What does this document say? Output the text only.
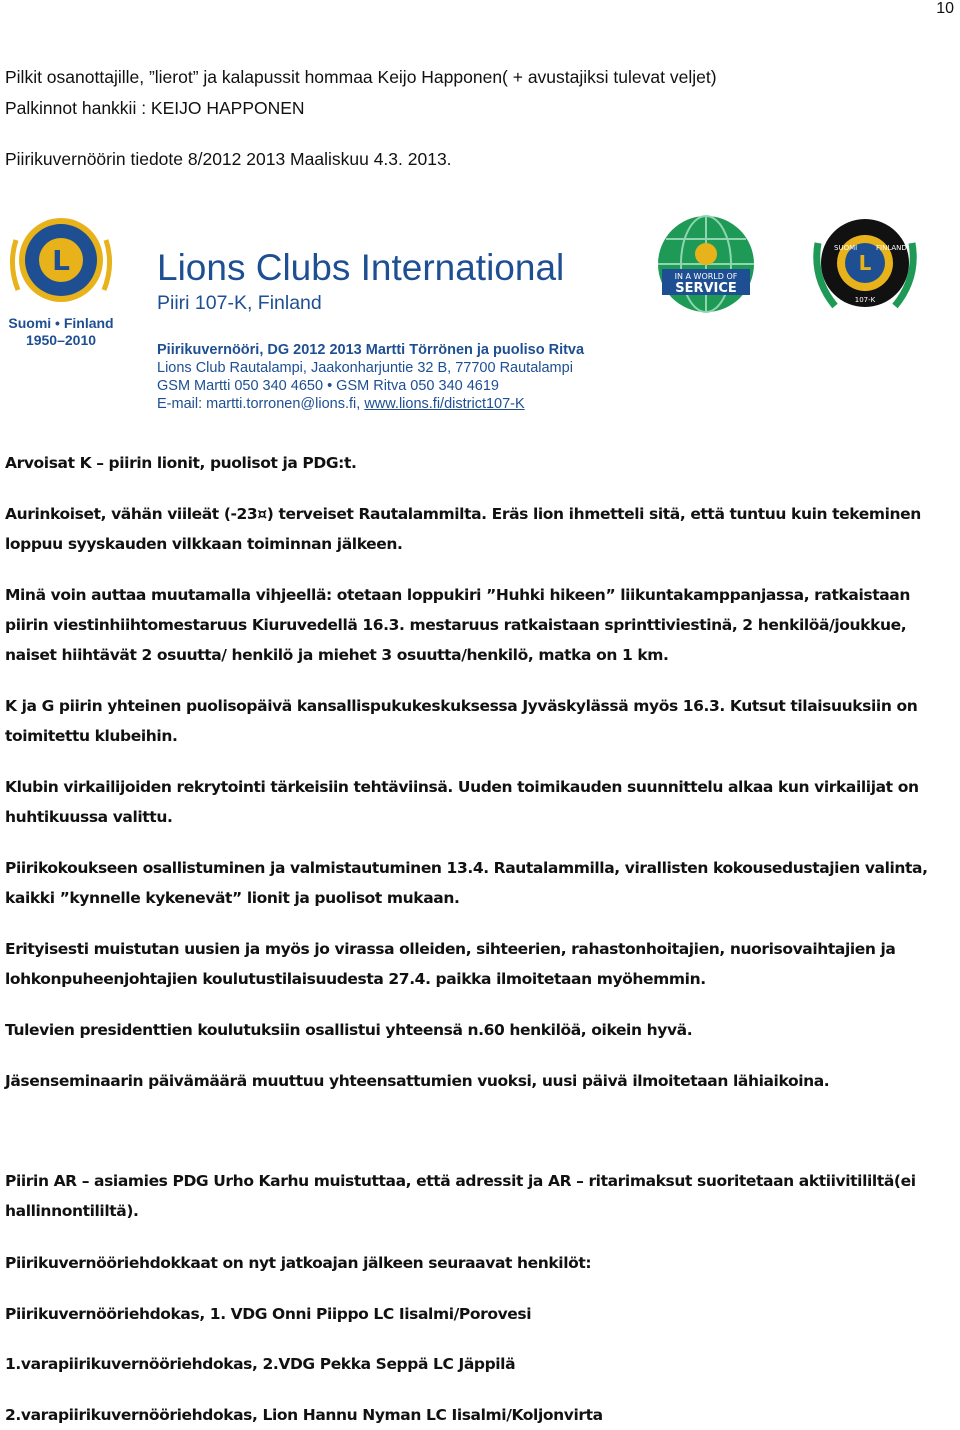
10
Pilkit osanottajille, ”lierot” ja kalapussit hommaa Keijo Happonen( + avustajiksi tulevat veljet)
Palkinnot hankkii : KEIJO HAPPONEN
Piirikuvernöörin tiedote 8/2012 2013 Maaliskuu 4.3. 2013.
L
Suomi • Finland
1950–2010
Lions Clubs International
Piiri 107-K, Finland
Piirikuvernööri, DG 2012 2013 Martti Törrönen ja puoliso Ritva
Lions Club Rautalampi, Jaakonharjuntie 32 B, 77700 Rautalampi
GSM Martti 050 340 4650 • GSM Ritva 050 340 4619
E-mail: martti.torronen@lions.fi, www.lions.fi/district107-K
IN A WORLD OF
SERVICE
L
SUOMI	FINLAND
107-K

Arvoisat K – piirin lionit, puolisot ja PDG:t.

Aurinkoiset, vähän viileät (-23¤) terveiset Rautalammilta. Eräs lion ihmetteli sitä, että tuntuu kuin tekeminen loppuu syyskauden vilkkaan toiminnan jälkeen.

Minä voin auttaa muutamalla vihjeellä: otetaan loppukiri ”Huhki hikeen” liikuntakamppanjassa, ratkaistaan piirin viestinhiihtomestaruus Kiuruvedellä 16.3. mestaruus ratkaistaan sprinttiviestinä, 2 henkilöä/joukkue, naiset hiihtävät 2 osuutta/ henkilö ja miehet 3 osuutta/henkilö, matka on 1 km.

K ja G piirin yhteinen puolisopäivä kansallispukukeskuksessa Jyväskylässä myös 16.3. Kutsut tilaisuuksiin on toimitettu klubeihin.

Klubin virkailijoiden rekrytointi tärkeisiin tehtäviinsä. Uuden toimikauden suunnittelu alkaa kun virkailijat on huhtikuussa valittu.

Piirikokoukseen osallistuminen ja valmistautuminen 13.4. Rautalammilla, virallisten kokousedustajien valinta, kaikki ”kynnelle kykenevät” lionit ja puolisot mukaan.

Erityisesti muistutan uusien ja myös jo virassa olleiden, sihteerien, rahastonhoitajien, nuorisovaihtajien ja lohkonpuheenjohtajien koulutustilaisuudesta 27.4. paikka ilmoitetaan myöhemmin.

Tulevien presidenttien koulutuksiin osallistui yhteensä n.60 henkilöä, oikein hyvä.

Jäsenseminaarin päivämäärä muuttuu yhteensattumien vuoksi, uusi päivä ilmoitetaan lähiaikoina.

Piirin AR – asiamies PDG Urho Karhu muistuttaa, että adressit ja AR – ritarimaksut suoritetaan aktiivitililtä(ei hallinnontililtä).

Piirikuvernööriehdokkaat on nyt jatkoajan jälkeen seuraavat henkilöt:

Piirikuvernööriehdokas, 1. VDG Onni Piippo LC Iisalmi/Porovesi

1.varapiirikuvernööriehdokas, 2.VDG Pekka Seppä LC Jäppilä

2.varapiirikuvernööriehdokas, Lion Hannu Nyman LC Iisalmi/Koljonvirta
